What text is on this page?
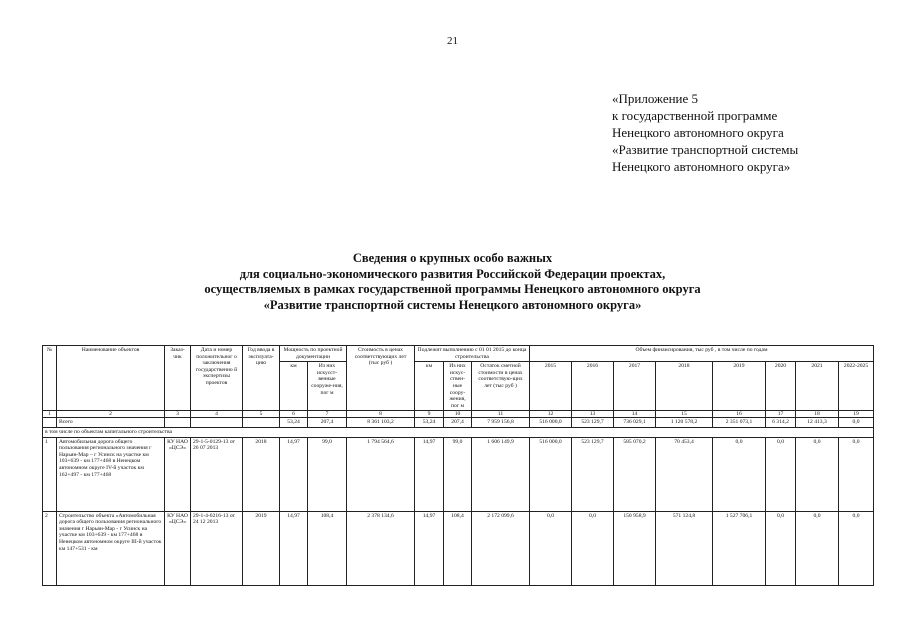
21
«Приложение 5
к государственной программе
Ненецкого автономного округа
«Развитие транспортной системы
Ненецкого автономного округа»
Сведения о крупных особо важных
для социально-экономического развития Российской Федерации проектах,
осуществляемых в рамках государственной программы Ненецкого автономного округа
«Развитие транспортной системы Ненецкого автономного округа»
№	Наименование объектов	Заказ-чик	Дата и номер положительног о заключения государственно й экспертизы проектов	Год ввода в эксплуата-цию	Мощность по проектной документации		Стоимость в ценах соответствующих лет (тыс руб )	Подлежит выполнению с 01 01 2015 до конца строительства			Объем финансирования, тыс руб , в том числе по годам							
					км	Из них искусст-венные сооруже-ния, пог м		км	Из них искус-ствен-ные соору-жения, пог м	Остаток сметной стоимости в ценах соответствую-щих лет (тыс руб )	2015	2016	2017	2018	2019	2020	2021	2022-2025
1	2	3	4	5	6	7	8	9	10	11	12	13	14	15	16	17	18	19
	Всего				53,24	207,4	8 361 103,2	53,24	207,4	7 959 156,8	516 000,0	523 129,7	736 029,1	1 120 578,2	2 351 073,1	6 314,2	12 413,3	0,0
в том числе по объектам капитального строительства																		
1	Автомобильная дорога общего пользования регионального значения г Нарьян-Мар – г Усинск на участке км 103+639 - км 177+468 в Ненецком автономном округе IV-й участок км 162+497 - км 177+468	КУ НАО «ЦСЭ»	29-1-5-0129-13 от 26 07 2013	2018	14,97	99,0	1 794 564,6	14,97	99,0	1 606 149,9	516 000,0	523 129,7	585 070,2	70 453,4	0,0	0,0	0,0	0,0
2	Строительство объекта «Автомобильная дорога общего пользования регионального значения г Нарьян-Мар - г Усинск на участке км 103+639 - км 177+468 в Ненецком автономном округе III-й участок км 147+531 - км	КУ НАО «ЦСЭ»	29-1-4-0216-13 от 24 12 2013	2019	14,97	108,4	2 378 134,6	14,97	108,4	2 172 099,6	0,0	0,0	150 958,9	571 124,8	1 527 706,1	0,0	0,0	0,0
